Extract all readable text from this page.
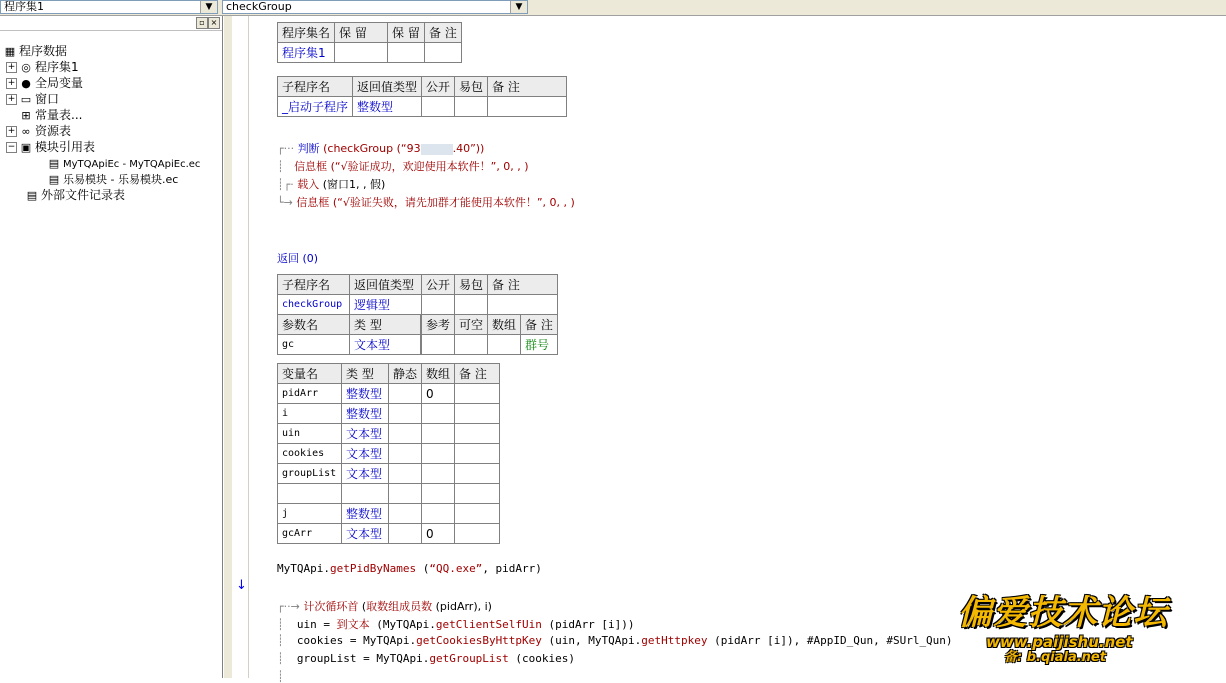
程序集1	▼	checkGroup	▼
▫ ×
▦ 程序数据
+ ◎ 程序集1
+ ● 全局变量
+ ▭ 窗口
⊞ 常量表...
+ ∞ 资源表
− ▣ 模块引用表
▤ MyTQApiEc - MyTQApiEc.ec
▤ 乐易模块 - 乐易模块.ec
▤ 外部文件记录表
↓
程序集名	保 留	保 留	备 注
程序集1			
子程序名	返回值类型	公开	易包	备 注
_启动子程序	整数型			
┌··· 判断 (checkGroup (“93	.40”))
┊   信息框 (“√验证成功，欢迎使用本软件！”, 0, , )
┊┌· 载入 (窗口1, , 假)
└→ 信息框 (“√验证失败，请先加群才能使用本软件！”, 0, , )
返回 (0)
子程序名	返回值类型	公开	易包	备 注	
checkGroup	逻辑型				
参数名	类 型		参考	可空	数组	备 注
gc	文本型					群号
变量名	类 型	静态	数组	备 注
pidArr	整数型		0	
i	整数型			
uin	文本型			
cookies	文本型			
groupList	文本型			

j	整数型			
gcArr	文本型		0	
MyTQApi.getPidByNames (“QQ.exe”, pidArr)
┌··→ 计次循环首 (取数组成员数 (pidArr), i)
┊  uin = 到文本 (MyTQApi.getClientSelfUin (pidArr [i]))
┊  cookies = MyTQApi.getCookiesByHttpKey (uin, MyTQApi.getHttpkey (pidArr [i]), #AppID_Qun, #SUrl_Qun)
┊  groupList = MyTQApi.getGroupList (cookies)
┊
偏爱技术论坛
www.paijishu.net
备: b.qiala.net
